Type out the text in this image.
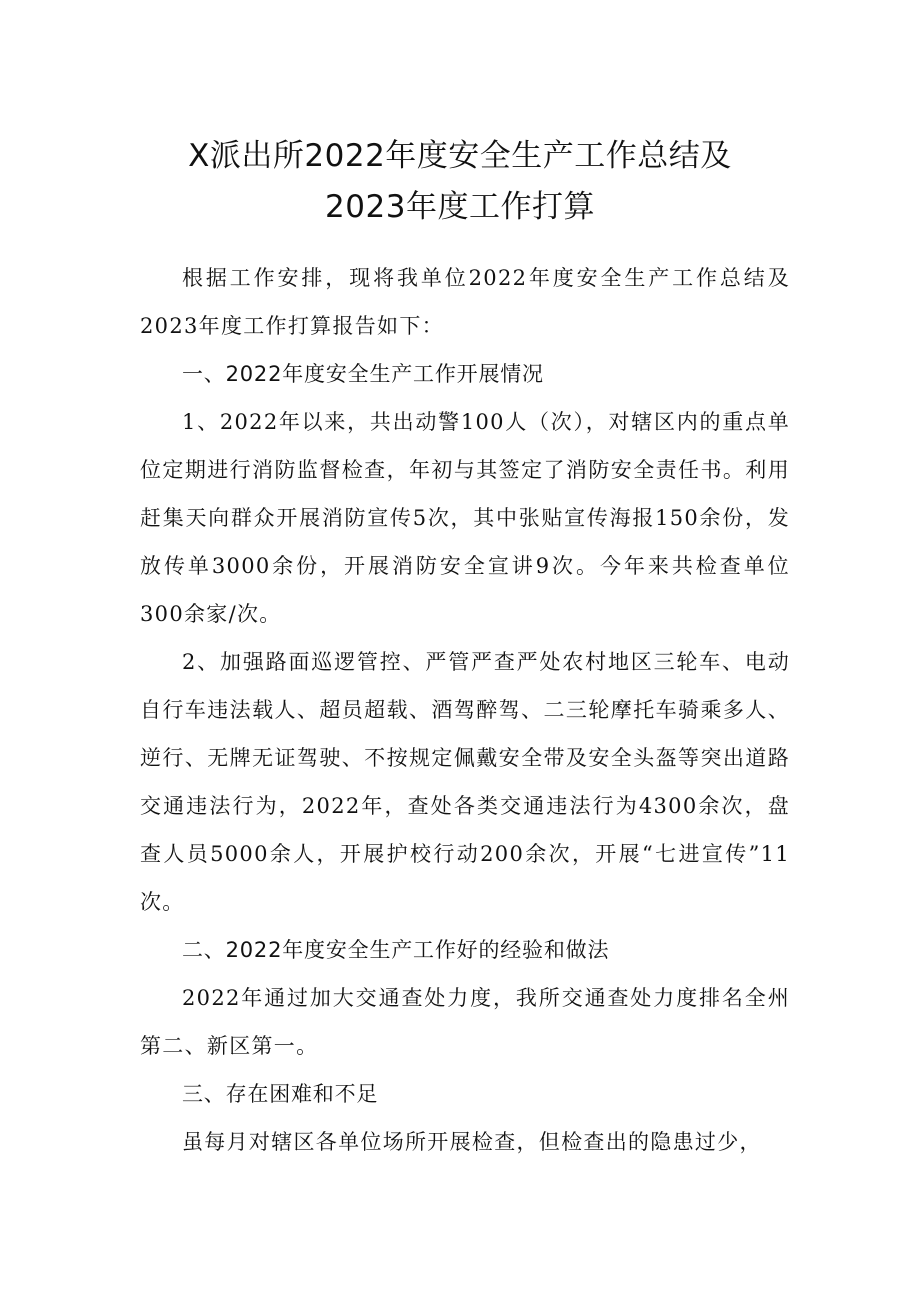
X派出所2022年度安全生产工作总结及
2023年度工作打算

根据工作安排，现将我单位2022年度安全生产工作总结及2023年度工作打算报告如下：

一、2022年度安全生产工作开展情况

1、2022年以来，共出动警100人（次），对辖区内的重点单位定期进行消防监督检查，年初与其签定了消防安全责任书。利用赶集天向群众开展消防宣传5次，其中张贴宣传海报150余份，发放传单3000余份，开展消防安全宣讲9次。今年来共检查单位300余家/次。

2、加强路面巡逻管控、严管严查严处农村地区三轮车、电动自行车违法载人、超员超载、酒驾醉驾、二三轮摩托车骑乘多人、逆行、无牌无证驾驶、不按规定佩戴安全带及安全头盔等突出道路交通违法行为，2022年，查处各类交通违法行为4300余次，盘查人员5000余人，开展护校行动200余次，开展“七进宣传”11次。

二、2022年度安全生产工作好的经验和做法

2022年通过加大交通查处力度，我所交通查处力度排名全州第二、新区第一。

三、存在困难和不足

虽每月对辖区各单位场所开展检查，但检查出的隐患过少，
